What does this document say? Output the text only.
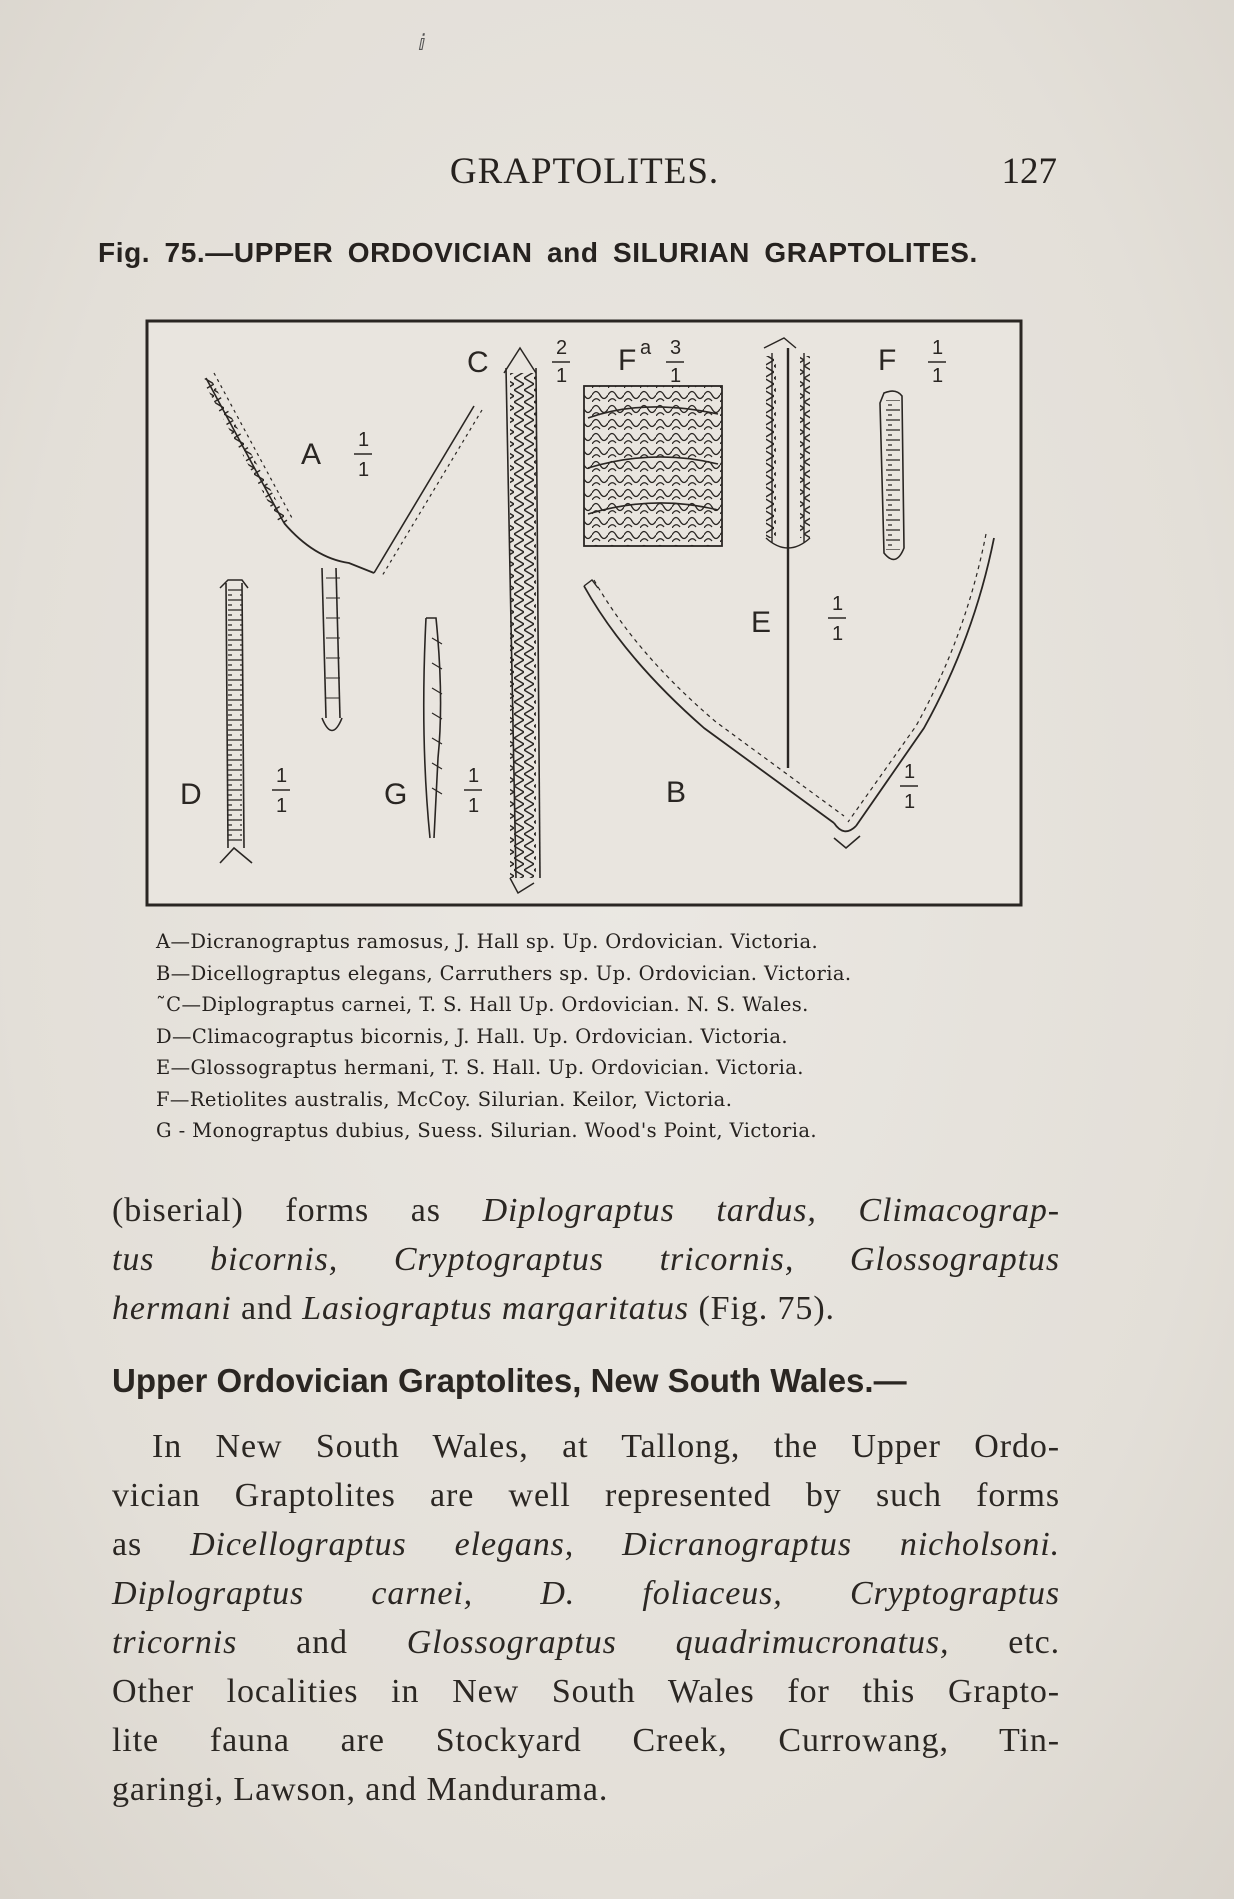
ⅈ
GRAPTOLITES.	127
Fig. 75.—UPPER ORDOVICIAN and SILURIAN GRAPTOLITES.
A
C	F a	F
E
D	G	B
1
1
2
1
3
1
1
1
1
1
1
1
1
1
1
1
A—Dicranograptus ramosus, J. Hall sp. Up. Ordovician. Victoria.
B—Dicellograptus elegans, Carruthers sp. Up. Ordovician. Victoria.
˜C—Diplograptus carnei, T. S. Hall Up. Ordovician. N. S. Wales.
D—Climacograptus bicornis, J. Hall. Up. Ordovician. Victoria.
E—Glossograptus hermani, T. S. Hall. Up. Ordovician. Victoria.
F—Retiolites australis, McCoy. Silurian. Keilor, Victoria.
G - Monograptus dubius, Suess. Silurian. Wood's Point, Victoria.
(biserial) forms as Diplograptus tardus, Climacograp-
tus bicornis, Cryptograptus tricornis, Glossograptus
hermani and Lasiograptus margaritatus (Fig. 75).
Upper Ordovician Graptolites, New South Wales.—
In New South Wales, at Tallong, the Upper Ordo-
vician Graptolites are well represented by such forms
as Dicellograptus elegans, Dicranograptus nicholsoni.
Diplograptus carnei, D. foliaceus, Cryptograptus
tricornis and Glossograptus quadrimucronatus, etc.
Other localities in New South Wales for this Grapto-
lite fauna are Stockyard Creek, Currowang, Tin-
garingi, Lawson, and Mandurama.
